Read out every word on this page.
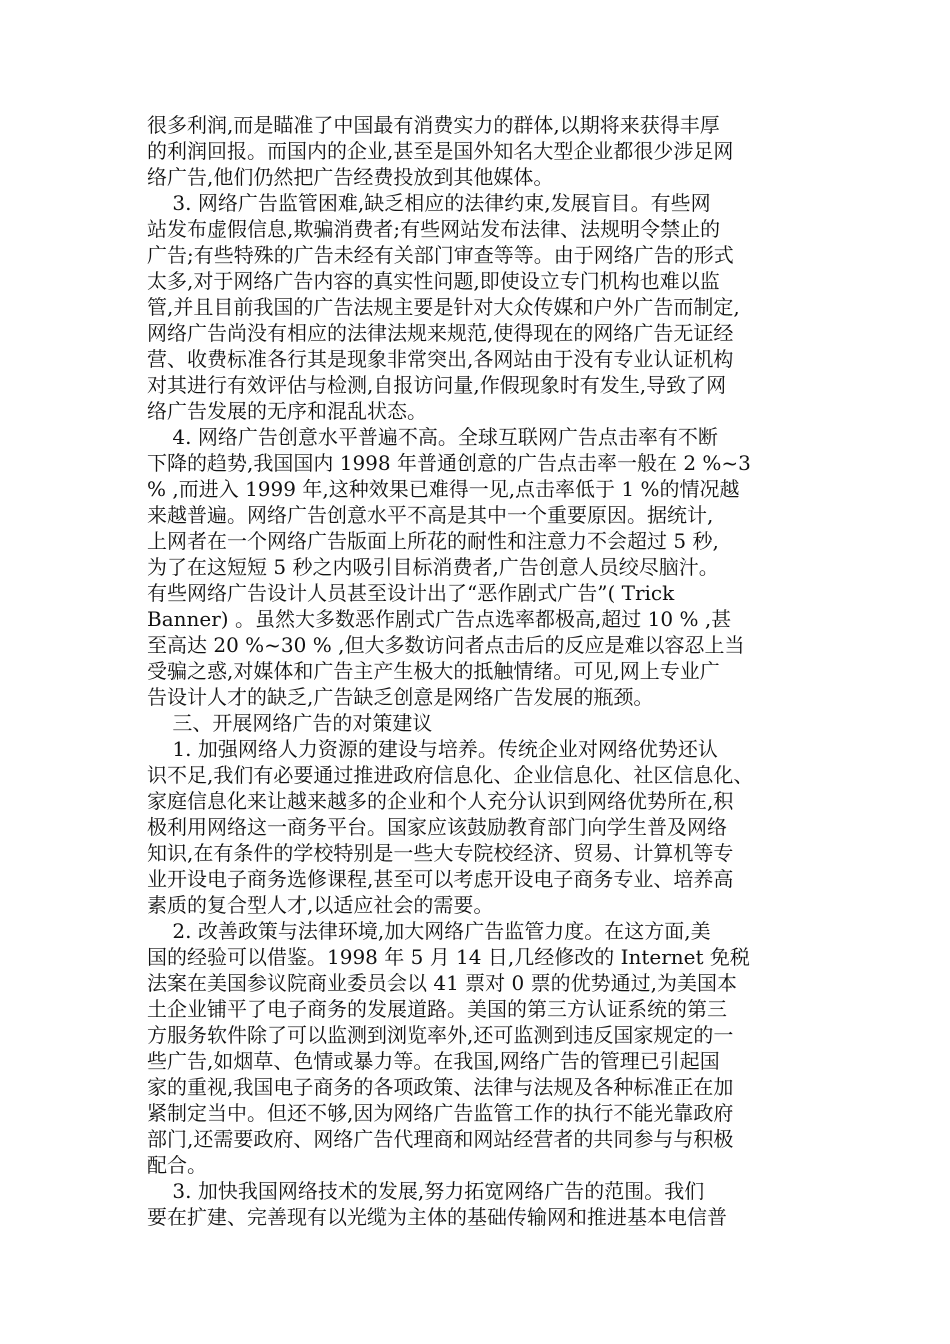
很多利润,而是瞄准了中国最有消费实力的群体,以期将来获得丰厚
的利润回报。而国内的企业,甚至是国外知名大型企业都很少涉足网
络广告,他们仍然把广告经费投放到其他媒体。
3. 网络广告监管困难,缺乏相应的法律约束,发展盲目。有些网
站发布虚假信息,欺骗消费者;有些网站发布法律、法规明令禁止的
广告;有些特殊的广告未经有关部门审查等等。由于网络广告的形式
太多,对于网络广告内容的真实性问题,即使设立专门机构也难以监
管,并且目前我国的广告法规主要是针对大众传媒和户外广告而制定,
网络广告尚没有相应的法律法规来规范,使得现在的网络广告无证经
营、收费标准各行其是现象非常突出,各网站由于没有专业认证机构
对其进行有效评估与检测,自报访问量,作假现象时有发生,导致了网
络广告发展的无序和混乱状态。
4. 网络广告创意水平普遍不高。全球互联网广告点击率有不断
下降的趋势,我国国内 1998 年普通创意的广告点击率一般在 2 %~3
% ,而进入 1999 年,这种效果已难得一见,点击率低于 1 %的情况越
来越普遍。网络广告创意水平不高是其中一个重要原因。据统计,
上网者在一个网络广告版面上所花的耐性和注意力不会超过 5 秒,
为了在这短短 5 秒之内吸引目标消费者,广告创意人员绞尽脑汁。
有些网络广告设计人员甚至设计出了“恶作剧式广告”( Trick
Banner) 。虽然大多数恶作剧式广告点选率都极高,超过 10 % ,甚
至高达 20 %~30 % ,但大多数访问者点击后的反应是难以容忍上当
受骗之惑,对媒体和广告主产生极大的抵触情绪。可见,网上专业广
告设计人才的缺乏,广告缺乏创意是网络广告发展的瓶颈。
三、开展网络广告的对策建议
1. 加强网络人力资源的建设与培养。传统企业对网络优势还认
识不足,我们有必要通过推进政府信息化、企业信息化、社区信息化、
家庭信息化来让越来越多的企业和个人充分认识到网络优势所在,积
极利用网络这一商务平台。国家应该鼓励教育部门向学生普及网络
知识,在有条件的学校特别是一些大专院校经济、贸易、计算机等专
业开设电子商务选修课程,甚至可以考虑开设电子商务专业、培养高
素质的复合型人才,以适应社会的需要。
2. 改善政策与法律环境,加大网络广告监管力度。在这方面,美
国的经验可以借鉴。1998 年 5 月 14 日,几经修改的 Internet 免税
法案在美国参议院商业委员会以 41 票对 0 票的优势通过,为美国本
土企业铺平了电子商务的发展道路。美国的第三方认证系统的第三
方服务软件除了可以监测到浏览率外,还可监测到违反国家规定的一
些广告,如烟草、色情或暴力等。在我国,网络广告的管理已引起国
家的重视,我国电子商务的各项政策、法律与法规及各种标准正在加
紧制定当中。但还不够,因为网络广告监管工作的执行不能光靠政府
部门,还需要政府、网络广告代理商和网站经营者的共同参与与积极
配合。
3. 加快我国网络技术的发展,努力拓宽网络广告的范围。我们
要在扩建、完善现有以光缆为主体的基础传输网和推进基本电信普
